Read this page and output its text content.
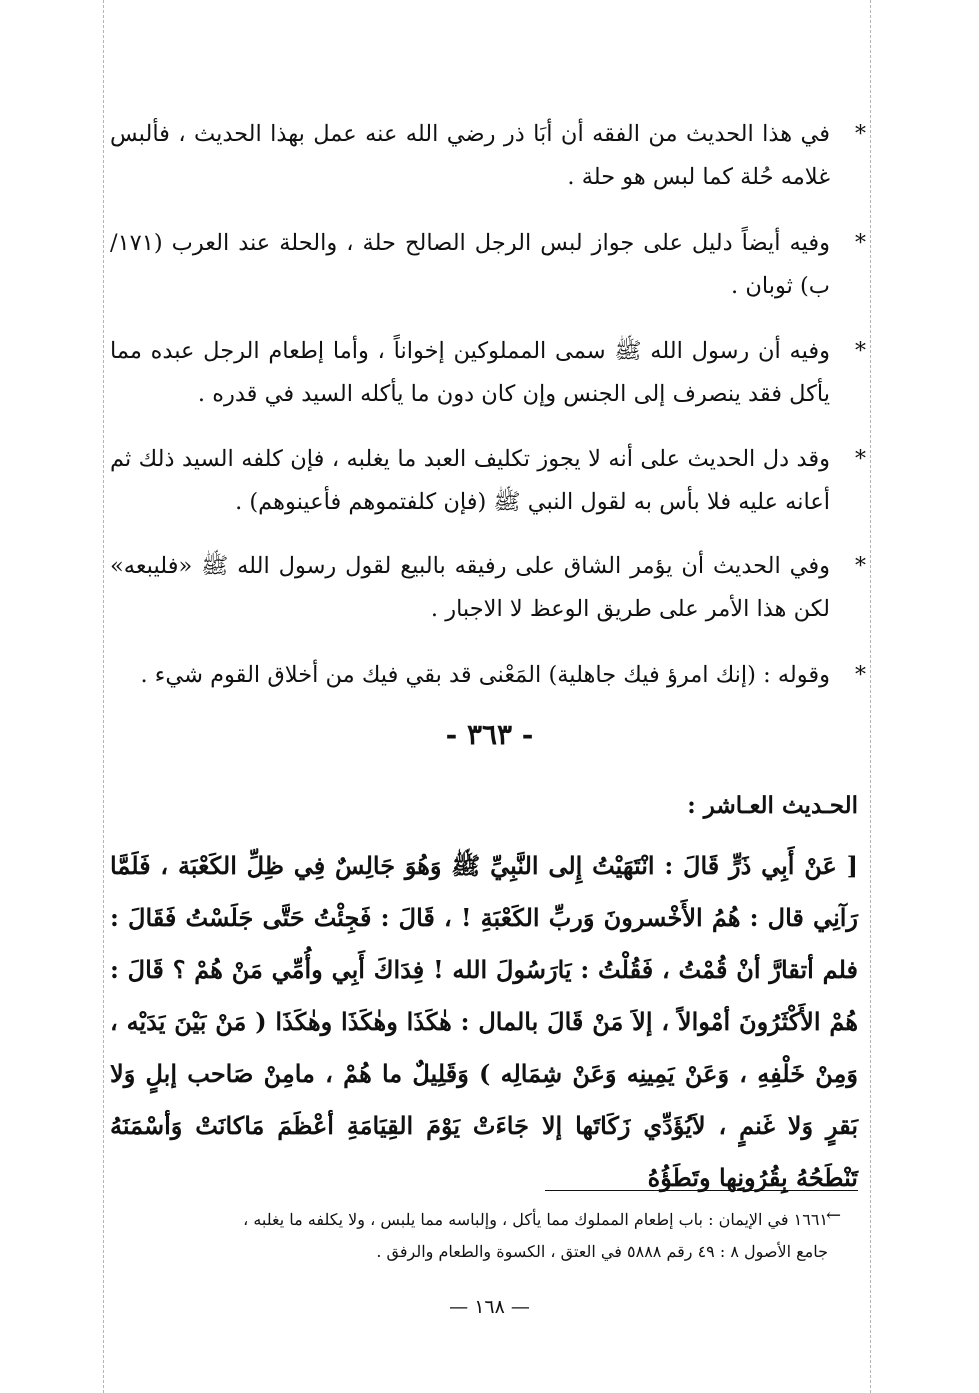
*
في هذا الحديث من الفقه أن أبَا ذر رضي الله عنه عمل بهذا الحديث ، فألبس غلامه حُلة كما لبس هو حلة .

*
وفيه أيضاً دليل على جواز لبس الرجل الصالح حلة ، والحلة عند العرب (١٧١/ب) ثوبان .

*
وفيه أن رسول الله ﷺ سمى المملوكين إخواناً ، وأما إطعام الرجل عبده مما يأكل فقد ينصرف إلى الجنس وإن كان دون ما يأكله السيد في قدره .

*
وقد دل الحديث على أنه لا يجوز تكليف العبد ما يغلبه ، فإن كلفه السيد ذلك ثم أعانه عليه فلا بأس به لقول النبي ﷺ (فإن كلفتموهم فأعينوهم) .

*
وفي الحديث أن يؤمر الشاق على رفيقه بالبيع لقول رسول الله ﷺ «فليبعه» لكن هذا الأمر على طريق الوعظ لا الاجبار .

*
وقوله : (إنك امرؤ فيك جاهلية) المَعْنى قد بقي فيك من أخلاق القوم شيء .

- ٣٦٣ -
الحـديث العـاشر :
[ عَنْ أَبِي ذَرٍّ قَالَ : انْتَهَيْتُ إِلى النَّبِيِّ ﷺ وَهُوَ جَالِسٌ فِي ظِلِّ الكَعْبَة ، فَلَمَّا رَآنِي قال : هُمُ الأَخْسرونَ وَربِّ الكَعْبَةِ ! ، قَالَ : فَجِئْتُ حَتَّى جَلَسْتُ فَقَالَ : فلم أتقارَّ أنْ قُمْتُ ، فَقُلْتُ : يَارَسُولَ الله ! فِدَاكَ أَبِي وأُمِّي مَنْ هُمْ ؟ قَالَ : هُمْ الأَكْثَرُونَ أمْوالاً ، إلاَ مَنْ قَالَ بالمال : هٰكَذَا وهٰكَذَا وهٰكَذَا ( مَنْ بَيْنَ يَدَيْه ، وَمِنْ خَلْفِهِ ، وَعَنْ يَمِينِه وَعَنْ شِمَالِه ) وَقَلِيلٌ ما هُمْ ، مامِنْ صَاحب إبلٍ وَلا بَقرٍ وَلا غَنمٍ ، لاَيُؤَدِّي زَكَاتَها إلا جَاءَتْ يَوْمَ القِيَامَةِ أعْظَمَ مَاكانَتْ وَأسْمَنَهُ تَنْطَحُهُ بِقُرُونِها وتَطَؤُهُ
←
١٦٦١ في الإيمان : باب إطعام المملوك مما يأكل ، وإلباسه مما يلبس ، ولا يكلفه ما يغلبه ،
جامع الأصول ٨ : ٤٩ رقم ٥٨٨٨ في العتق ، الكسوة والطعام والرفق .
— ١٦٨ —
